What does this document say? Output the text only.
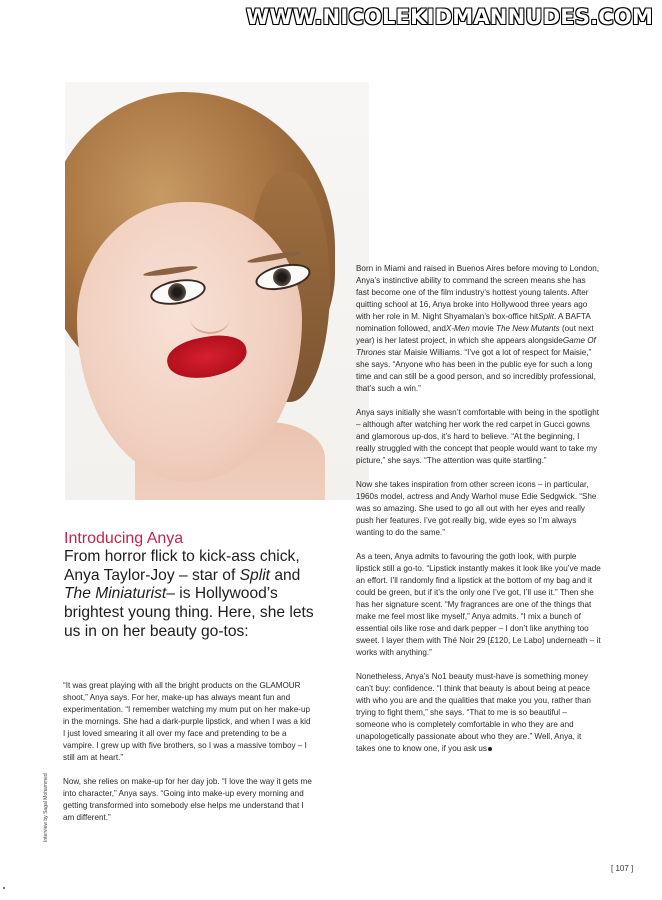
WWW.NICOLEKIDMANNUDES.COM
Introducing Anya
From horror flick to kick-ass chick, Anya Taylor-Joy – star of Split and The Miniaturist– is Hollywood’s brightest young thing. Here, she lets us in on her beauty go-tos:

“It was great playing with all the bright products on the GLAMOUR shoot,” Anya says. For her, make-up has always meant fun and experimentation. “I remember watching my mum put on her make-up in the mornings. She had a dark-purple lipstick, and when I was a kid I just loved smearing it all over my face and pretending to be a vampire. I grew up with five brothers, so I was a massive tomboy – I still am at heart.”

Now, she relies on make-up for her day job. “I love the way it gets me into character,” Anya says. “Going into make-up every morning and getting transformed into somebody else helps me understand that I am different.”

Born in Miami and raised in Buenos Aires before moving to London, Anya’s instinctive ability to command the screen means she has fast become one of the film industry’s hottest young talents. After quitting school at 16, Anya broke into Hollywood three years ago with her role in M. Night Shyamalan’s box-office hitSplit. A BAFTA nomination followed, andX-Men movie The New Mutants (out next year) is her latest project, in which she appears alongsideGame Of Thrones star Maisie Williams. “I’ve got a lot of respect for Maisie,” she says. “Anyone who has been in the public eye for such a long time and can still be a good person, and so incredibly professional, that’s such a win.”

Anya says initially she wasn’t comfortable with being in the spotlight – although after watching her work the red carpet in Gucci gowns and glamorous up-dos, it’s hard to believe. “At the beginning, I really struggled with the concept that people would want to take my picture,” she says. “The attention was quite startling.”

Now she takes inspiration from other screen icons – in particular, 1960s model, actress and Andy Warhol muse Edie Sedgwick. “She was so amazing. She used to go all out with her eyes and really push her features. I’ve got really big, wide eyes so I’m always wanting to do the same.”

As a teen, Anya admits to favouring the goth look, with purple lipstick still a go-to. “Lipstick instantly makes it look like you’ve made an effort. I’ll randomly find a lipstick at the bottom of my bag and it could be green, but if it’s the only one I’ve got, I’ll use it.” Then she has her signature scent. “My fragrances are one of the things that make me feel most like myself,” Anya admits. “I mix a bunch of essential oils like rose and dark pepper – I don’t like anything too sweet. I layer them with Thé Noir 29 [£120, Le Labo] underneath – it works with anything.”

Nonetheless, Anya’s No1 beauty must-have is something money can’t buy: confidence. “I think that beauty is about being at peace with who you are and the qualities that make you you, rather than trying to fight them,” she says. “That to me is so beautiful – someone who is completely comfortable in who they are and unapologetically passionate about who they are.” Well, Anya, it takes one to know one, if you ask us

Interview by Sagal Mohammed
[ 107 ]
